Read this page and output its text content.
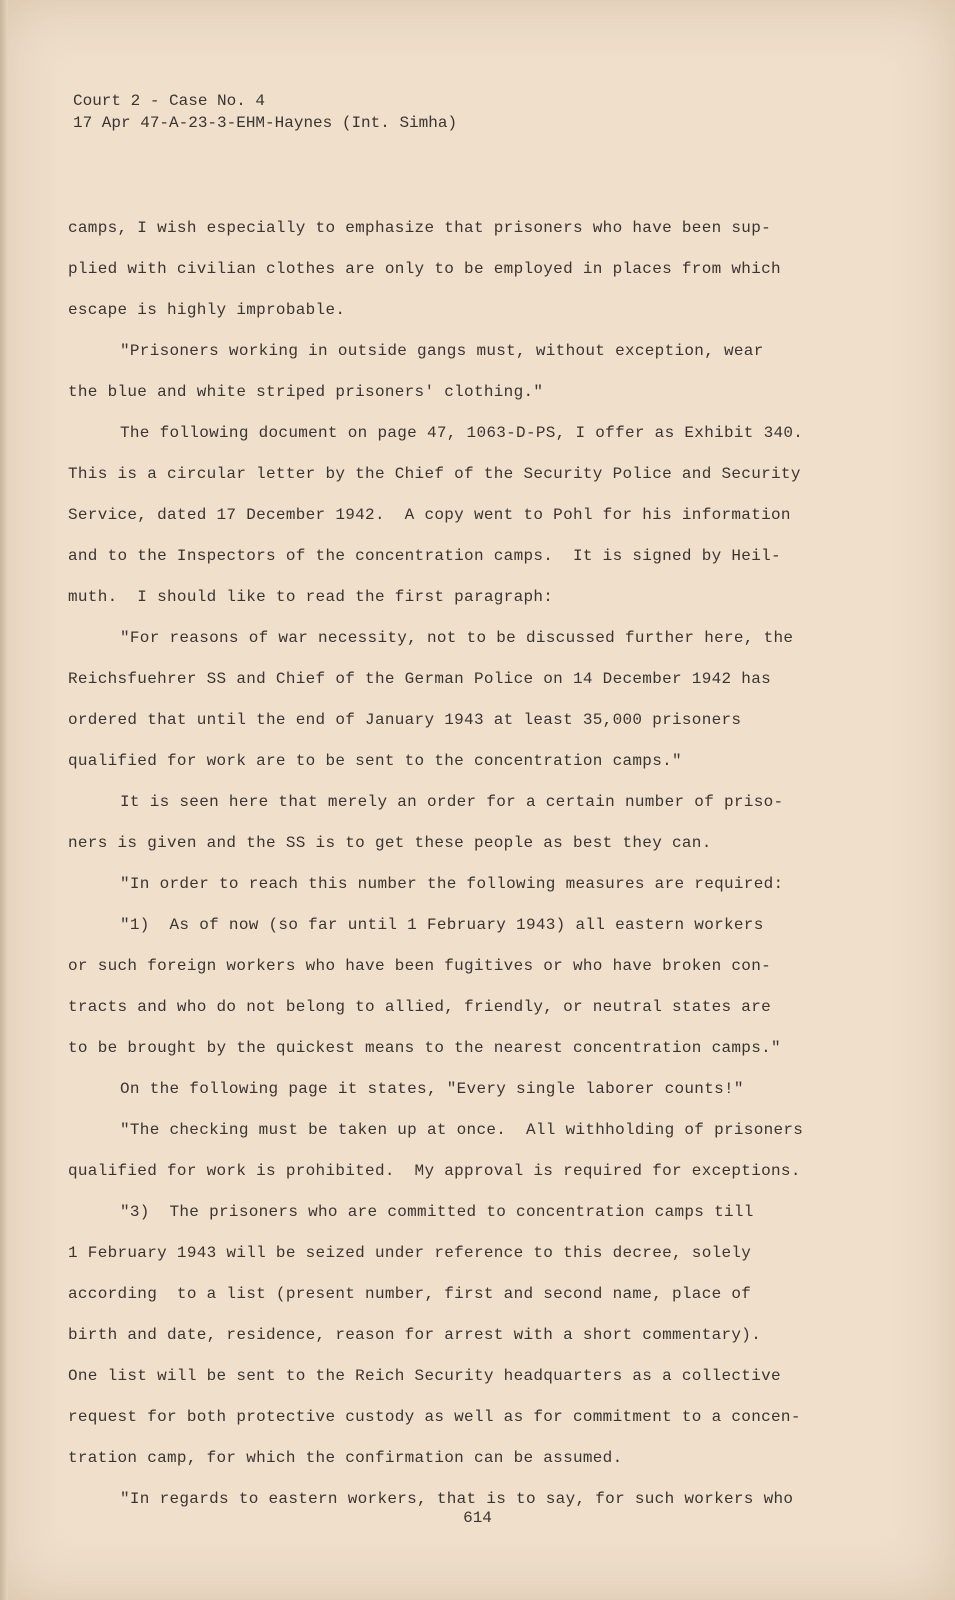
Court 2 - Case No. 4
17 Apr 47-A-23-3-EHM-Haynes (Int. Simha)
camps, I wish especially to emphasize that prisoners who have been sup-
plied with civilian clothes are only to be employed in places from which
escape is highly improbable.
"Prisoners working in outside gangs must, without exception, wear
the blue and white striped prisoners' clothing."
The following document on page 47, 1063-D-PS, I offer as Exhibit 340.
This is a circular letter by the Chief of the Security Police and Security
Service, dated 17 December 1942.  A copy went to Pohl for his information
and to the Inspectors of the concentration camps.  It is signed by Heil-
muth.  I should like to read the first paragraph:
"For reasons of war necessity, not to be discussed further here, the
Reichsfuehrer SS and Chief of the German Police on 14 December 1942 has
ordered that until the end of January 1943 at least 35,000 prisoners
qualified for work are to be sent to the concentration camps."
It is seen here that merely an order for a certain number of priso-
ners is given and the SS is to get these people as best they can.
"In order to reach this number the following measures are required:
"1)  As of now (so far until 1 February 1943) all eastern workers
or such foreign workers who have been fugitives or who have broken con-
tracts and who do not belong to allied, friendly, or neutral states are
to be brought by the quickest means to the nearest concentration camps."
On the following page it states, "Every single laborer counts!"
"The checking must be taken up at once.  All withholding of prisoners
qualified for work is prohibited.  My approval is required for exceptions.
"3)  The prisoners who are committed to concentration camps till
1 February 1943 will be seized under reference to this decree, solely
according  to a list (present number, first and second name, place of
birth and date, residence, reason for arrest with a short commentary).
One list will be sent to the Reich Security headquarters as a collective
request for both protective custody as well as for commitment to a concen-
tration camp, for which the confirmation can be assumed.
"In regards to eastern workers, that is to say, for such workers who
614
